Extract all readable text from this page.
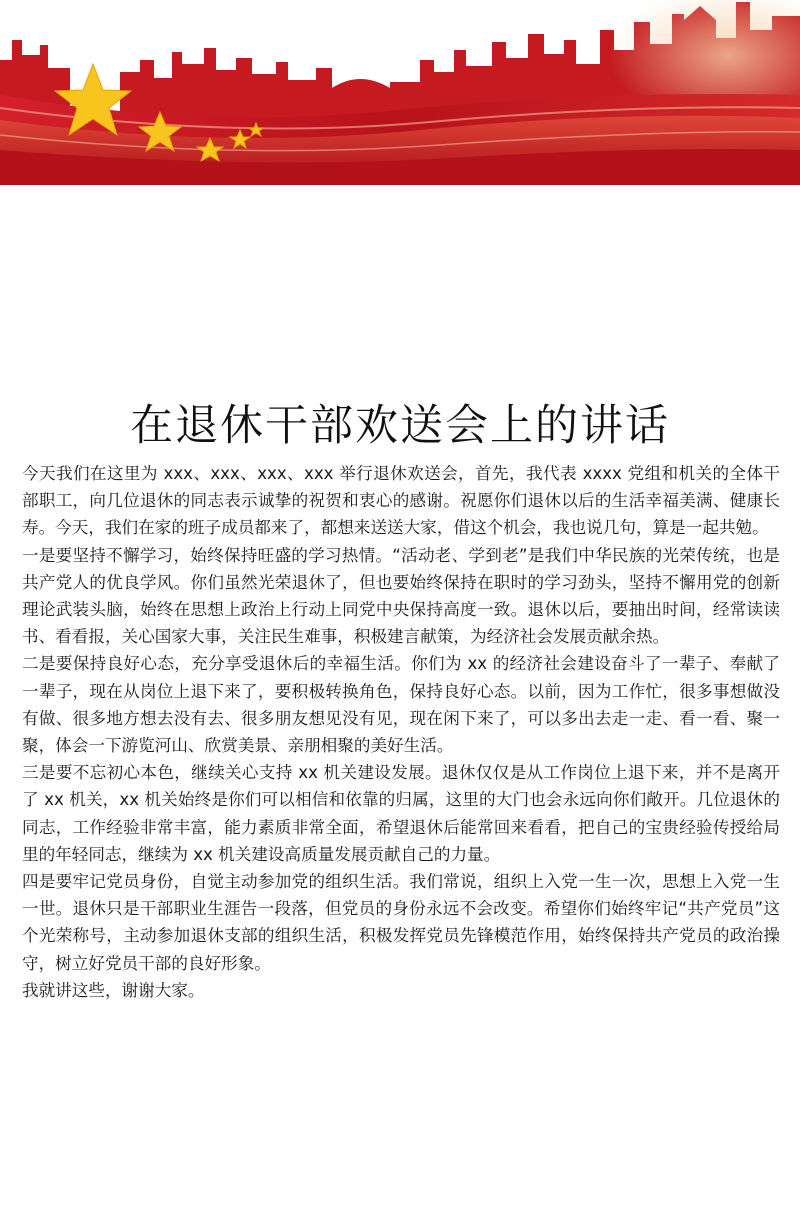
在退休干部欢送会上的讲话

今天我们在这里为 xxx、xxx、xxx、xxx 举行退休欢送会，首先，我代表 xxxx 党组和机关的全体干部职工，向几位退休的同志表示诚挚的祝贺和衷心的感谢。祝愿你们退休以后的生活幸福美满、健康长寿。今天，我们在家的班子成员都来了，都想来送送大家，借这个机会，我也说几句，算是一起共勉。

一是要坚持不懈学习，始终保持旺盛的学习热情。“活动老、学到老”是我们中华民族的光荣传统，也是共产党人的优良学风。你们虽然光荣退休了，但也要始终保持在职时的学习劲头，坚持不懈用党的创新理论武装头脑，始终在思想上政治上行动上同党中央保持高度一致。退休以后，要抽出时间，经常读读书、看看报，关心国家大事，关注民生难事，积极建言献策，为经济社会发展贡献余热。

二是要保持良好心态，充分享受退休后的幸福生活。你们为 xx 的经济社会建设奋斗了一辈子、奉献了一辈子，现在从岗位上退下来了，要积极转换角色，保持良好心态。以前，因为工作忙，很多事想做没有做、很多地方想去没有去、很多朋友想见没有见，现在闲下来了，可以多出去走一走、看一看、聚一聚，体会一下游览河山、欣赏美景、亲朋相聚的美好生活。

三是要不忘初心本色，继续关心支持 xx 机关建设发展。退休仅仅是从工作岗位上退下来，并不是离开了 xx 机关，xx 机关始终是你们可以相信和依靠的归属，这里的大门也会永远向你们敞开。几位退休的同志，工作经验非常丰富，能力素质非常全面，希望退休后能常回来看看，把自己的宝贵经验传授给局里的年轻同志，继续为 xx 机关建设高质量发展贡献自己的力量。

四是要牢记党员身份，自觉主动参加党的组织生活。我们常说，组织上入党一生一次，思想上入党一生一世。退休只是干部职业生涯告一段落，但党员的身份永远不会改变。希望你们始终牢记“共产党员”这个光荣称号，主动参加退休支部的组织生活，积极发挥党员先锋模范作用，始终保持共产党员的政治操守，树立好党员干部的良好形象。

我就讲这些，谢谢大家。
